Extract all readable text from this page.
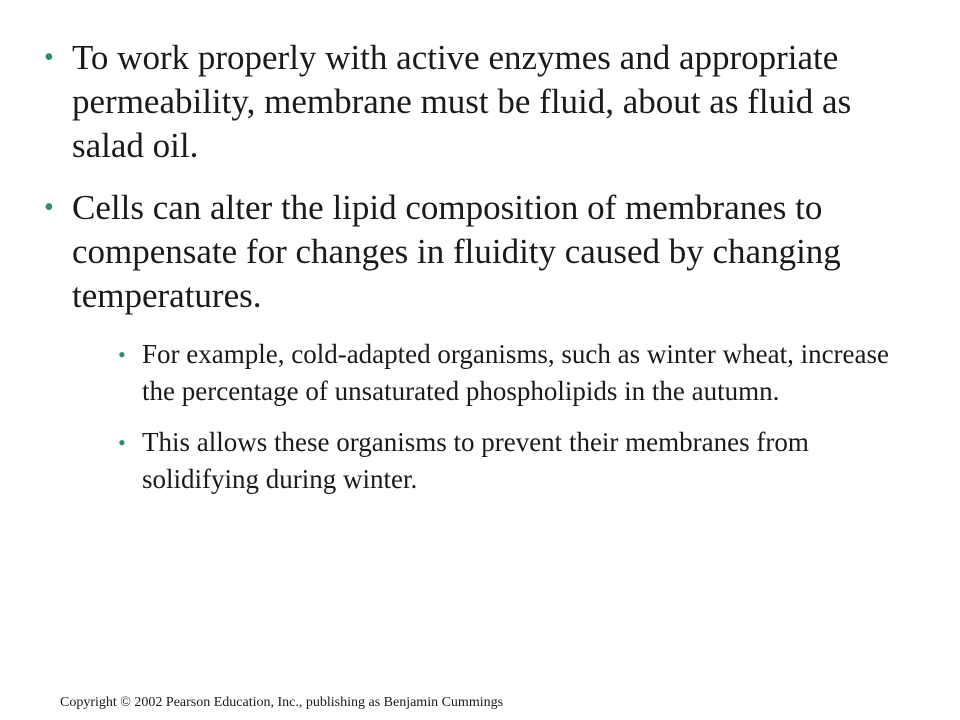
• To work properly with active enzymes and appropriate permeability, membrane must be fluid, about as fluid as salad oil.
• Cells can alter the lipid composition of membranes to compensate for changes in fluidity caused by changing temperatures.
• For example, cold-adapted organisms, such as winter wheat, increase the percentage of unsaturated phospholipids in the autumn.
• This allows these organisms to prevent their membranes from solidifying during winter.
Copyright © 2002 Pearson Education, Inc., publishing as Benjamin Cummings
